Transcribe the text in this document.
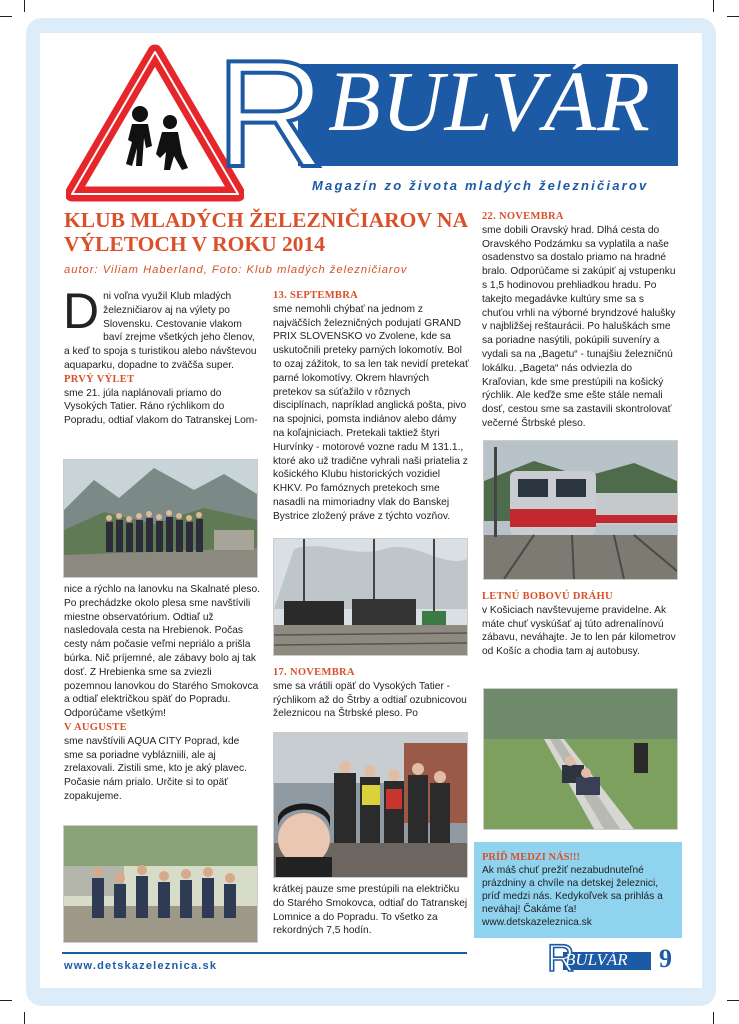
R BULVÁR
Magazín zo života mladých železničiarov
KLUB MLADÝCH ŽELEZNIČIAROV NA VÝLETOCH V ROKU 2014
autor: Viliam Haberland, Foto: Klub mladých železničiarov

Dni voľna využil Klub mladých železničiarov aj na výlety po Slovensku. Cestovanie vlakom baví zrejme všetkých jeho členov, a keď to spoja s turistikou alebo návštevou aquaparku, dopadne to zväčša super.

PRVÝ VÝLET

sme 21. júla naplánovali priamo do Vysokých Tatier. Ráno rýchlikom do Popradu, odtiaľ vlakom do Tatranskej Lom-

nice a rýchlo na lanovku na Skalnaté pleso. Po prechádzke okolo plesa sme navštívili miestne observatórium. Odtiaľ už nasledovala cesta na Hrebienok. Počas cesty nám počasie veľmi nepriálo a prišla búrka. Nič príjemné, ale zábavy bolo aj tak dosť. Z Hrebienka sme sa zviezli pozemnou lanovkou do Starého Smokovca a odtiaľ električkou späť do Popradu. Odporúčame všetkým!

V AUGUSTE

sme navštívili AQUA CITY Poprad, kde sme sa poriadne vyblázniili, ale aj zrelaxovali. Zistili sme, kto je aký plavec. Počasie nám prialo. Určite si to opäť zopakujeme.

13. SEPTEMBRA

sme nemohli chýbať na jednom z najväčších železničných podujatí GRAND PRIX SLOVENSKO vo Zvolene, kde sa uskutočnili preteky parných lokomotív. Bol to ozaj zážitok, to sa len tak nevidí pretekať parné lokomotívy. Okrem hlavných pretekov sa súťažilo v rôznych disciplínach, napríklad anglická pošta, pivo na spojnici, pomsta indiánov alebo dámy na koľajniciach. Pretekali taktiež štyri Hurvínky - motorové vozne radu M 131.1., ktoré ako už tradične vyhrali naši priatelia z košického Klubu historických vozidiel KHKV. Po famóznych pretekoch sme nasadli na mimoriadny vlak do Banskej Bystrice zložený práve z týchto vozňov.

17. NOVEMBRA

sme sa vrátili opäť do Vysokých Tatier - rýchlikom až do Štrby a odtiaľ ozubnicovou železnicou na Štrbské pleso. Po

krátkej pauze sme prestúpili na električku do Starého Smokovca, odtiaľ do Tatranskej Lomnice a do Popradu. To všetko za rekordných 7,5 hodín.

22. NOVEMBRA

sme dobili Oravský hrad. Dlhá cesta do Oravského Podzámku sa vyplatila a naše osadenstvo sa dostalo priamo na hradné bralo. Odporúčame si zakúpiť aj vstupenku s 1,5 hodinovou prehliadkou hradu. Po takejto megadávke kultúry sme sa s chuťou vrhli na výborné bryndzové halušky v najbližšej reštaurácii. Po haluškách sme sa poriadne nasýtili, pokúpili suveníry a vydali sa na „Bagetu“ - tunajšiu železničnú lokálku. „Bageta“ nás odviezla do Kraľovian, kde sme prestúpili na košický rýchlik. Ale keďže sme ešte stále nemali dosť, cestou sme sa zastavili skontrolovať večerné Štrbské pleso.

LETNÚ BOBOVÚ DRÁHU

v Košiciach navštevujeme pravidelne. Ak máte chuť vyskúšať aj túto adrenalínovú zábavu, neváhajte. Je to len pár kilometrov od Košíc a chodia tam aj autobusy.

PRÍĎ MEDZI NÁS!!!
Ak máš chuť prežiť nezabudnuteľné prázdniny a chvíle na detskej železnici, príď medzi nás. Kedykoľvek sa prihlás a neváhaj! Čakáme ťa!
www.detskazeleznica.sk
www.detskazeleznica.sk	R
BULVÁR 9
